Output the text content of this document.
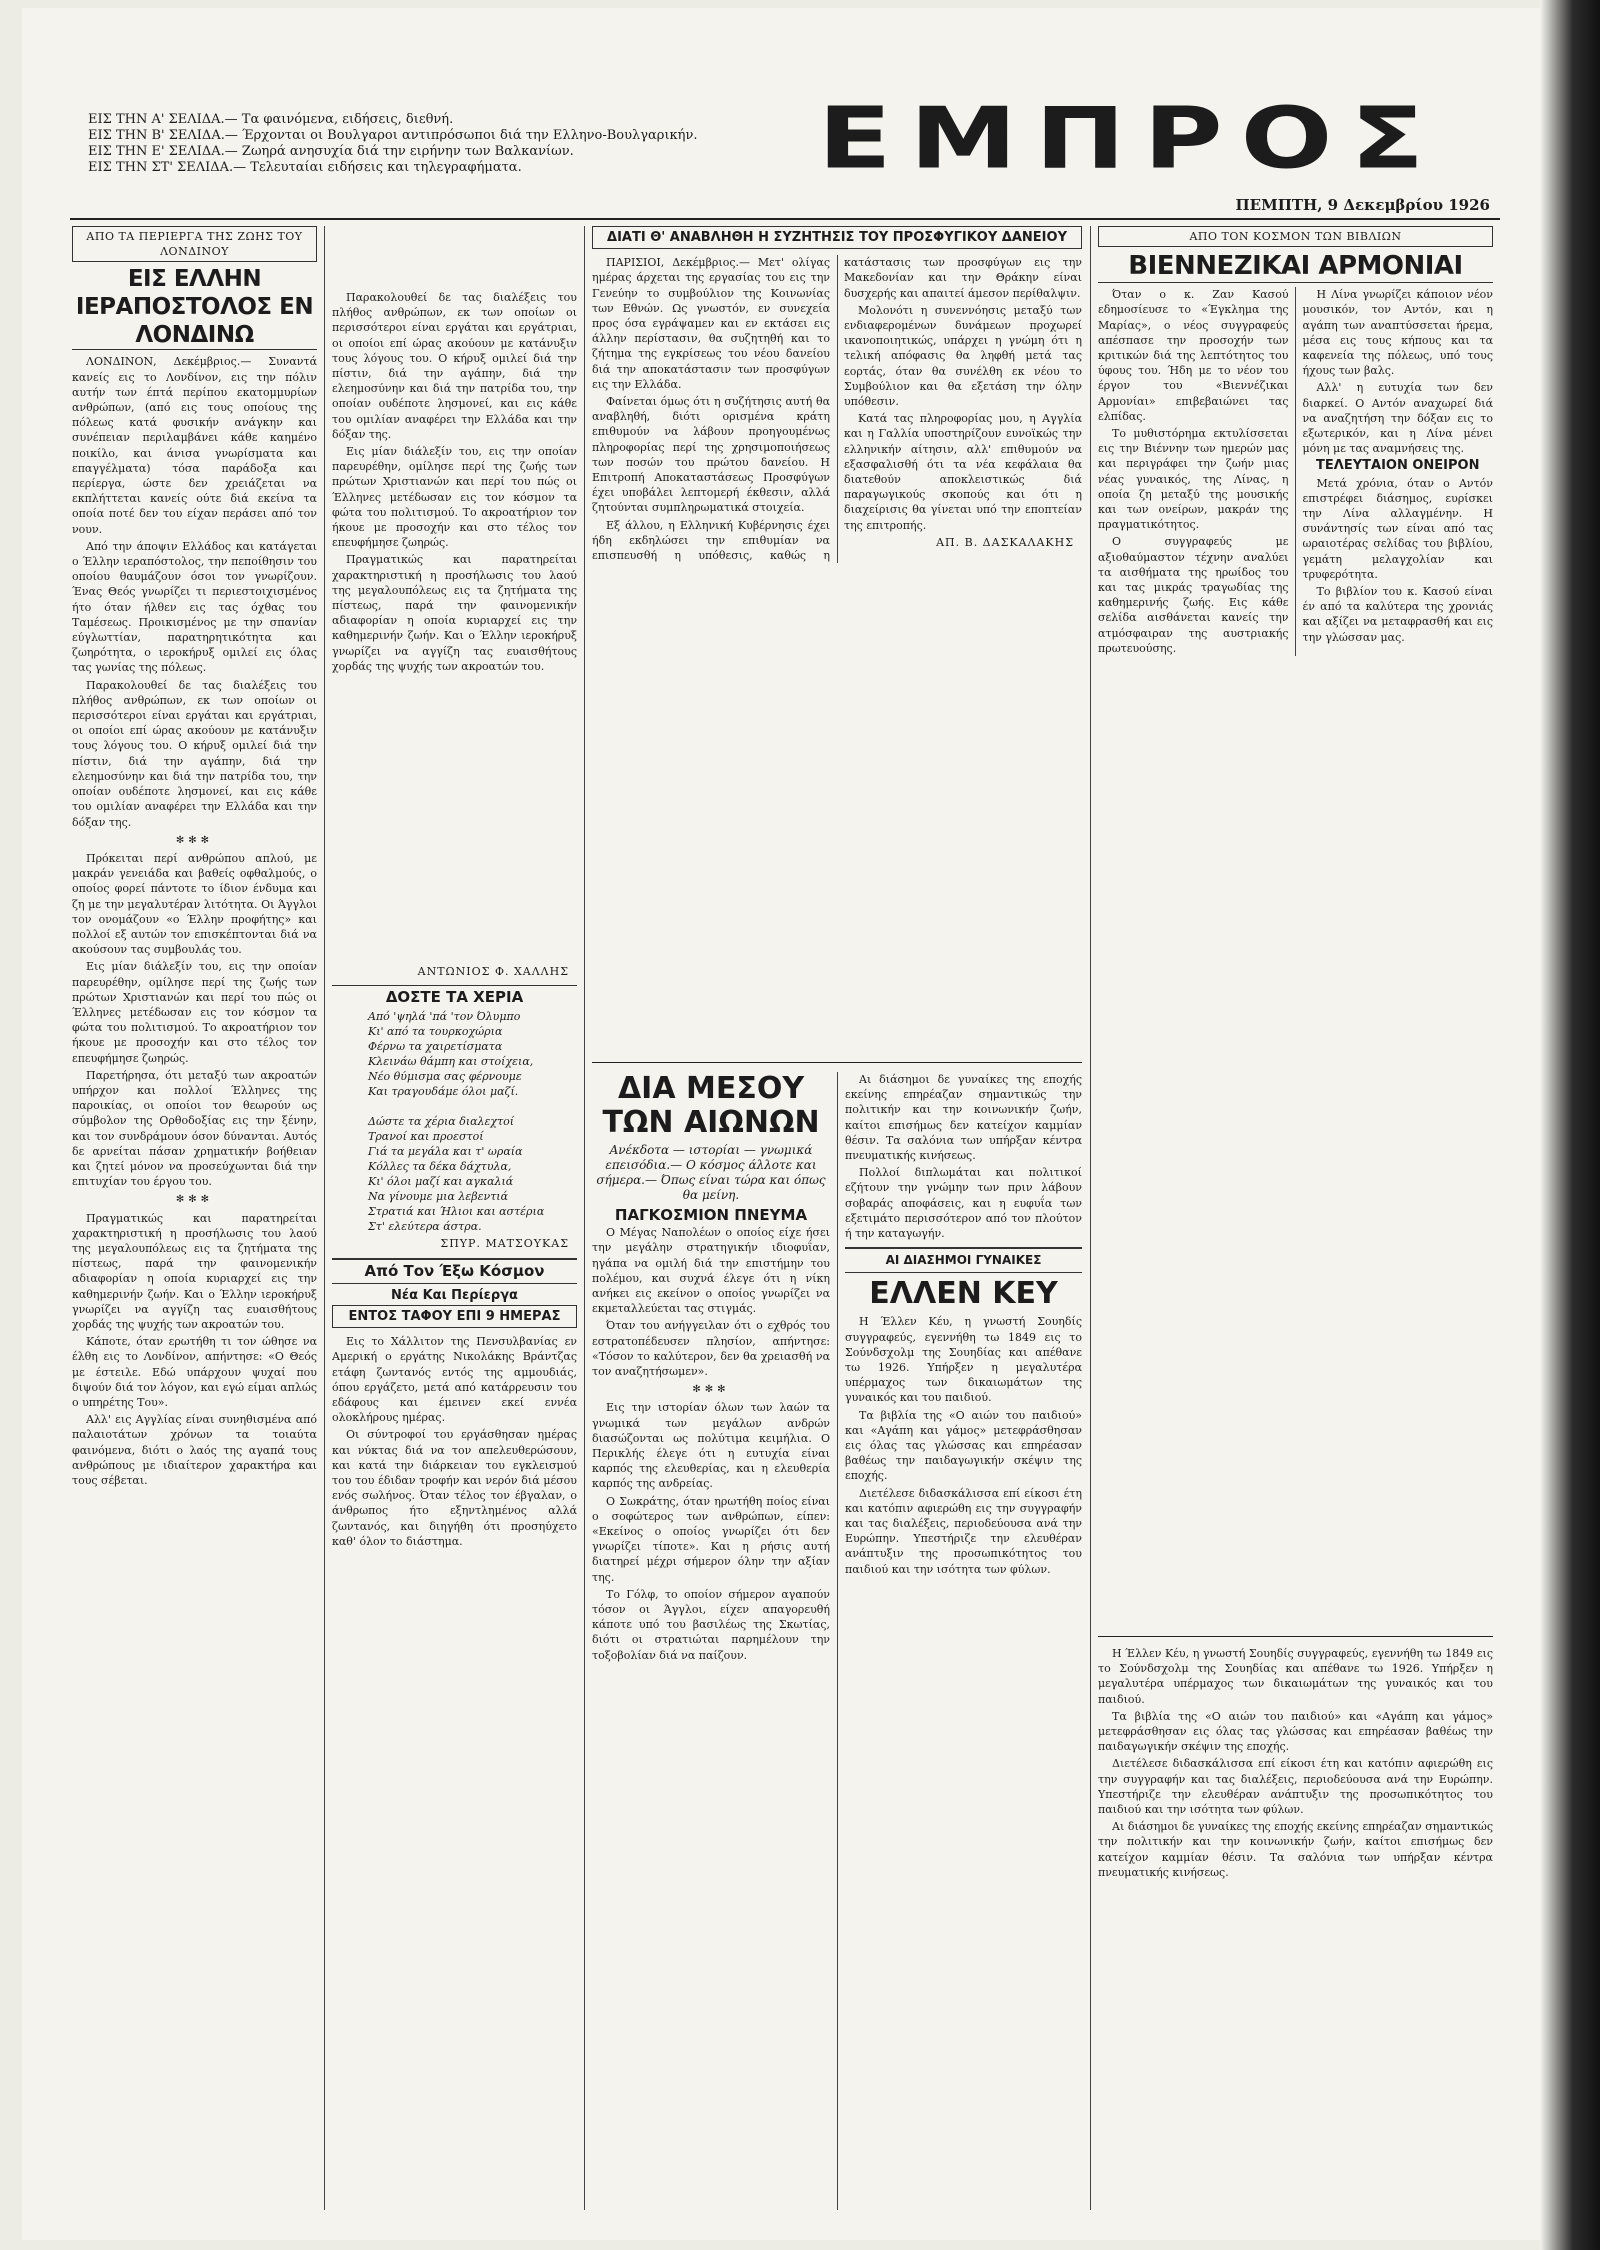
ΕΙΣ ΤΗΝ Α' ΣΕΛΙΔΑ.— Τα φαινόμενα, ειδήσεις, διεθνή.
ΕΙΣ ΤΗΝ Β' ΣΕΛΙΔΑ.— Έρχονται οι Βουλγαροι αντιπρόσωποι διά την Ελληνο-Βουλγαρικήν.
ΕΙΣ ΤΗΝ Ε' ΣΕΛΙΔΑ.— Ζωηρά ανησυχία διά την ειρήνην των Βαλκανίων.
ΕΙΣ ΤΗΝ ΣΤ' ΣΕΛΙΔΑ.— Τελευταίαι ειδήσεις και τηλεγραφήματα.	ΕΜΠΡΟΣ
ΠΕΜΠΤΗ, 9 Δεκεμβρίου 1926
ΑΠΟ ΤΑ ΠΕΡΙΕΡΓΑ ΤΗΣ ΖΩΗΣ ΤΟΥ ΛΟΝΔΙΝΟΥ
ΕΙΣ ΕΛΛΗΝ ΙΕΡΑΠΟΣΤΟΛΟΣ ΕΝ ΛΟΝΔΙΝΩ

ΛΟΝΔΙΝΟΝ, Δεκέμβριος.— Συναντά κανείς εις το Λονδίνον, εις την πόλιν αυτήν των έπτά περίπου εκατομμυρίων ανθρώπων, (από εις τους οποίους της πόλεως κατά φυσικήν ανάγκην και συνέπειαν περιλαμβάνει κάθε καημένο ποικίλο, και άνισα γνωρίσματα και επαγγέλματα) τόσα παράδοξα και περίεργα, ώστε δεν χρειάζεται να εκπλήττεται κανείς ούτε διά εκείνα τα οποία ποτέ δεν του είχαν περάσει από τον νουν.

Από την άποψιν Ελλάδος και κατάγεται ο Έλλην ιεραπόστολος, την πεποίθησιν του οποίου θαυμάζουν όσοι τον γνωρίζουν. Ένας Θεός γνωρίζει τι περιεστοιχισμένος ήτο όταν ήλθεν εις τας όχθας του Ταμέσεως. Προικισμένος με την σπανίαν εύγλωττίαν, παρατηρητικότητα και ζωηρότητα, ο ιεροκήρυξ ομιλεί εις όλας τας γωνίας της πόλεως.

Παρακολουθεί δε τας διαλέξεις του πλήθος ανθρώπων, εκ των οποίων οι περισσότεροι είναι εργάται και εργάτριαι, οι οποίοι επί ώρας ακούουν με κατάνυξιν τους λόγους του. Ο κήρυξ ομιλεί διά την πίστιν, διά την αγάπην, διά την ελεημοσύνην και διά την πατρίδα του, την οποίαν ουδέποτε λησμονεί, και εις κάθε του ομιλίαν αναφέρει την Ελλάδα και την δόξαν της.

✻✻✻

Πρόκειται περί ανθρώπου απλού, με μακράν γενειάδα και βαθείς οφθαλμούς, ο οποίος φορεί πάντοτε το ίδιον ένδυμα και ζη με την μεγαλυτέραν λιτότητα. Οι Άγγλοι τον ονομάζουν «ο Έλλην προφήτης» και πολλοί εξ αυτών τον επισκέπτονται διά να ακούσουν τας συμβουλάς του.

Εις μίαν διάλεξίν του, εις την οποίαν παρευρέθην, ομίλησε περί της ζωής των πρώτων Χριστιανών και περί του πώς οι Έλληνες μετέδωσαν εις τον κόσμον τα φώτα του πολιτισμού. Το ακροατήριον τον ήκουε με προσοχήν και στο τέλος τον επευφήμησε ζωηρώς.

Παρετήρησα, ότι μεταξύ των ακροατών υπήρχον και πολλοί Έλληνες της παροικίας, οι οποίοι τον θεωρούν ως σύμβολον της Ορθοδοξίας εις την ξένην, και τον συνδράμουν όσον δύνανται. Αυτός δε αρνείται πάσαν χρηματικήν βοήθειαν και ζητεί μόνον να προσεύχωνται διά την επιτυχίαν του έργου του.

✻✻✻

Πραγματικώς και παρατηρείται χαρακτηριστική η προσήλωσις του λαού της μεγαλουπόλεως εις τα ζητήματα της πίστεως, παρά την φαινομενικήν αδιαφορίαν η οποία κυριαρχεί εις την καθημερινήν ζωήν. Και ο Έλλην ιεροκήρυξ γνωρίζει να αγγίζη τας ευαισθήτους χορδάς της ψυχής των ακροατών του.

Κάποτε, όταν ερωτήθη τι τον ώθησε να έλθη εις το Λονδίνον, απήντησε: «Ο Θεός με έστειλε. Εδώ υπάρχουν ψυχαί που διψούν διά τον λόγον, και εγώ είμαι απλώς ο υπηρέτης Του».

Αλλ' εις Αγγλίας είναι συνηθισμένα από παλαιοτάτων χρόνων τα τοιαύτα φαινόμενα, διότι ο λαός της αγαπά τους ανθρώπους με ιδιαίτερον χαρακτήρα και τους σέβεται.

ΑΝΤΩΝΙΟΣ Φ. ΧΑΛΛΗΣ
ΔΟΣΤΕ ΤΑ ΧΕΡΙΑ
Από 'ψηλά 'πά 'τον Όλυμπο
Κι' από τα τουρκοχώρια
Φέρνω τα χαιρετίσματα
Κλεινάω θάμπη και στοίχεια,
Νέο θύμισμα σας φέρνουμε
Και τραγουδάμε όλοι μαζί.

Δώστε τα χέρια διαλεχτοί
Τρανοί και προεστοί
Γιά τα μεγάλα και τ' ωραία
Κόλλες τα δέκα δάχτυλα,
Κι' όλοι μαζί και αγκαλιά
Να γίνουμε μια λεβεντιά
Στρατιά και Ήλιοι και αστέρια
Στ' ελεύτερα άστρα.
ΣΠΥΡ. ΜΑΤΣΟΥΚΑΣ
Από Τον Έξω Κόσμον
Νέα Και Περίεργα
ΕΝΤΟΣ ΤΑΦΟΥ ΕΠΙ 9 ΗΜΕΡΑΣ

Εις το Χάλλιτον της Πενσυλβανίας εν Αμερική ο εργάτης Νικολάκης Βράντζας ετάφη ζωντανός εντός της αμμουδιάς, όπου εργάζετο, μετά από κατάρρευσιν του εδάφους και έμεινεν εκεί εννέα ολοκλήρους ημέρας.

Οι σύντροφοί του εργάσθησαν ημέρας και νύκτας διά να τον απελευθερώσουν, και κατά την διάρκειαν του εγκλεισμού του του έδιδαν τροφήν και νερόν διά μέσου ενός σωλήνος. Όταν τέλος τον έβγαλαν, ο άνθρωπος ήτο εξηντλημένος αλλά ζωντανός, και διηγήθη ότι προσηύχετο καθ' όλον το διάστημα.

Παρακολουθεί δε τας διαλέξεις του πλήθος ανθρώπων, εκ των οποίων οι περισσότεροι είναι εργάται και εργάτριαι, οι οποίοι επί ώρας ακούουν με κατάνυξιν τους λόγους του. Ο κήρυξ ομιλεί διά την πίστιν, διά την αγάπην, διά την ελεημοσύνην και διά την πατρίδα του, την οποίαν ουδέποτε λησμονεί, και εις κάθε του ομιλίαν αναφέρει την Ελλάδα και την δόξαν της.

Εις μίαν διάλεξίν του, εις την οποίαν παρευρέθην, ομίλησε περί της ζωής των πρώτων Χριστιανών και περί του πώς οι Έλληνες μετέδωσαν εις τον κόσμον τα φώτα του πολιτισμού. Το ακροατήριον τον ήκουε με προσοχήν και στο τέλος τον επευφήμησε ζωηρώς.

Πραγματικώς και παρατηρείται χαρακτηριστική η προσήλωσις του λαού της μεγαλουπόλεως εις τα ζητήματα της πίστεως, παρά την φαινομενικήν αδιαφορίαν η οποία κυριαρχεί εις την καθημερινήν ζωήν. Και ο Έλλην ιεροκήρυξ γνωρίζει να αγγίζη τας ευαισθήτους χορδάς της ψυχής των ακροατών του.

ΔΙΑΤΙ Θ' ΑΝΑΒΛΗΘΗ Η ΣΥΖΗΤΗΣΙΣ ΤΟΥ ΠΡΟΣΦΥΓΙΚΟΥ ΔΑΝΕΙΟΥ

ΠΑΡΙΣΙΟΙ, Δεκέμβριος.— Μετ' ολίγας ημέρας άρχεται της εργασίας του εις την Γενεύην το συμβούλιον της Κοινωνίας των Εθνών. Ως γνωστόν, εν συνεχεία προς όσα εγράψαμεν και εν εκτάσει εις άλλην περίστασιν, θα συζητηθή και το ζήτημα της εγκρίσεως του νέου δανείου διά την αποκατάστασιν των προσφύγων εις την Ελλάδα.

Φαίνεται όμως ότι η συζήτησις αυτή θα αναβληθή, διότι ορισμένα κράτη επιθυμούν να λάβουν προηγουμένως πληροφορίας περί της χρησιμοποιήσεως των ποσών του πρώτου δανείου. Η Επιτροπή Αποκαταστάσεως Προσφύγων έχει υποβάλει λεπτομερή έκθεσιν, αλλά ζητούνται συμπληρωματικά στοιχεία.

Εξ άλλου, η Ελληνική Κυβέρνησις έχει ήδη εκδηλώσει την επιθυμίαν να επισπευσθή η υπόθεσις, καθώς η κατάστασις των προσφύγων εις την Μακεδονίαν και την Θράκην είναι δυσχερής και απαιτεί άμεσον περίθαλψιν.

Μολονότι η συνεννόησις μεταξύ των ενδιαφερομένων δυνάμεων προχωρεί ικανοποιητικώς, υπάρχει η γνώμη ότι η τελική απόφασις θα ληφθή μετά τας εορτάς, όταν θα συνέλθη εκ νέου το Συμβούλιον και θα εξετάση την όλην υπόθεσιν.

Κατά τας πληροφορίας μου, η Αγγλία και η Γαλλία υποστηρίζουν ευνοϊκώς την ελληνικήν αίτησιν, αλλ' επιθυμούν να εξασφαλισθή ότι τα νέα κεφάλαια θα διατεθούν αποκλειστικώς διά παραγωγικούς σκοπούς και ότι η διαχείρισις θα γίνεται υπό την εποπτείαν της επιτροπής.

ΑΠ. Β. ΔΑΣΚΑΛΑΚΗΣ
ΔΙΑ ΜΕΣΟΥ ΤΩΝ ΑΙΩΝΩΝ
Ανέκδοτα — ιστορίαι — γνωμικά επεισόδια.— Ο κόσμος άλλοτε και σήμερα.— Όπως είναι τώρα και όπως θα μείνη.
ΠΑΓΚΟΣΜΙΟΝ ΠΝΕΥΜΑ

Ο Μέγας Ναπολέων ο οποίος είχε ήσει την μεγάλην στρατηγικήν ιδιοφυΐαν, ηγάπα να ομιλή διά την επιστήμην του πολέμου, και συχνά έλεγε ότι η νίκη ανήκει εις εκείνον ο οποίος γνωρίζει να εκμεταλλεύεται τας στιγμάς.

Όταν του ανήγγειλαν ότι ο εχθρός του εστρατοπέδευσεν πλησίον, απήντησε: «Τόσον το καλύτερον, δεν θα χρειασθή να τον αναζητήσωμεν».

✻✻✻

Εις την ιστορίαν όλων των λαών τα γνωμικά των μεγάλων ανδρών διασώζονται ως πολύτιμα κειμήλια. Ο Περικλής έλεγε ότι η ευτυχία είναι καρπός της ελευθερίας, και η ελευθερία καρπός της ανδρείας.

Ο Σωκράτης, όταν ηρωτήθη ποίος είναι ο σοφώτερος των ανθρώπων, είπεν: «Εκείνος ο οποίος γνωρίζει ότι δεν γνωρίζει τίποτε». Και η ρήσις αυτή διατηρεί μέχρι σήμερον όλην την αξίαν της.

Το Γόλφ, το οποίον σήμερον αγαπούν τόσον οι Άγγλοι, είχεν απαγορευθή κάποτε υπό του βασιλέως της Σκωτίας, διότι οι στρατιώται παρημέλουν την τοξοβολίαν διά να παίζουν.

Αι διάσημοι δε γυναίκες της εποχής εκείνης επηρέαζαν σημαντικώς την πολιτικήν και την κοινωνικήν ζωήν, καίτοι επισήμως δεν κατείχον καμμίαν θέσιν. Τα σαλόνια των υπήρξαν κέντρα πνευματικής κινήσεως.

Πολλοί διπλωμάται και πολιτικοί εζήτουν την γνώμην των πριν λάβουν σοβαράς αποφάσεις, και η ευφυΐα των εξετιμάτο περισσότερον από τον πλούτον ή την καταγωγήν.

ΑΙ ΔΙΑΣΗΜΟΙ ΓΥΝΑΙΚΕΣ
ΕΛΛΕΝ ΚΕΥ

Η Έλλεν Κέυ, η γνωστή Σουηδίς συγγραφεύς, εγεννήθη τω 1849 εις το Σούνδσχολμ της Σουηδίας και απέθανε τω 1926. Υπήρξεν η μεγαλυτέρα υπέρμαχος των δικαιωμάτων της γυναικός και του παιδιού.

Τα βιβλία της «Ο αιών του παιδιού» και «Αγάπη και γάμος» μετεφράσθησαν εις όλας τας γλώσσας και επηρέασαν βαθέως την παιδαγωγικήν σκέψιν της εποχής.

Διετέλεσε διδασκάλισσα επί είκοσι έτη και κατόπιν αφιερώθη εις την συγγραφήν και τας διαλέξεις, περιοδεύουσα ανά την Ευρώπην. Υπεστήριζε την ελευθέραν ανάπτυξιν της προσωπικότητος του παιδιού και την ισότητα των φύλων.

ΑΠΟ ΤΟΝ ΚΟΣΜΟΝ ΤΩΝ ΒΙΒΛΙΩΝ
ΒΙΕΝΝΕΖΙΚΑΙ ΑΡΜΟΝΙΑΙ

Όταν ο κ. Ζαν Κασού εδημοσίευσε το «Έγκλημα της Μαρίας», ο νέος συγγραφεύς απέσπασε την προσοχήν των κριτικών διά της λεπτότητος του ύφους του. Ήδη με το νέον του έργον του «Βιεννέζικαι Αρμονίαι» επιβεβαιώνει τας ελπίδας.

Το μυθιστόρημα εκτυλίσσεται εις την Βιέννην των ημερών μας και περιγράφει την ζωήν μιας νέας γυναικός, της Λίνας, η οποία ζη μεταξύ της μουσικής και των ονείρων, μακράν της πραγματικότητος.

Ο συγγραφεύς με αξιοθαύμαστον τέχνην αναλύει τα αισθήματα της ηρωίδος του και τας μικράς τραγωδίας της καθημερινής ζωής. Εις κάθε σελίδα αισθάνεται κανείς την ατμόσφαιραν της αυστριακής πρωτευούσης.

Η Λίνα γνωρίζει κάποιον νέον μουσικόν, τον Αντόν, και η αγάπη των αναπτύσσεται ήρεμα, μέσα εις τους κήπους και τα καφενεία της πόλεως, υπό τους ήχους των βαλς.

Αλλ' η ευτυχία των δεν διαρκεί. Ο Αντόν αναχωρεί διά να αναζητήση την δόξαν εις το εξωτερικόν, και η Λίνα μένει μόνη με τας αναμνήσεις της.

ΤΕΛΕΥΤΑΙΟΝ ΟΝΕΙΡΟΝ

Μετά χρόνια, όταν ο Αντόν επιστρέφει διάσημος, ευρίσκει την Λίνα αλλαγμένην. Η συνάντησίς των είναι από τας ωραιοτέρας σελίδας του βιβλίου, γεμάτη μελαγχολίαν και τρυφερότητα.

Το βιβλίον του κ. Κασού είναι έν από τα καλύτερα της χρονιάς και αξίζει να μεταφρασθή και εις την γλώσσαν μας.

Η Έλλεν Κέυ, η γνωστή Σουηδίς συγγραφεύς, εγεννήθη τω 1849 εις το Σούνδσχολμ της Σουηδίας και απέθανε τω 1926. Υπήρξεν η μεγαλυτέρα υπέρμαχος των δικαιωμάτων της γυναικός και του παιδιού.

Τα βιβλία της «Ο αιών του παιδιού» και «Αγάπη και γάμος» μετεφράσθησαν εις όλας τας γλώσσας και επηρέασαν βαθέως την παιδαγωγικήν σκέψιν της εποχής.

Διετέλεσε διδασκάλισσα επί είκοσι έτη και κατόπιν αφιερώθη εις την συγγραφήν και τας διαλέξεις, περιοδεύουσα ανά την Ευρώπην. Υπεστήριζε την ελευθέραν ανάπτυξιν της προσωπικότητος του παιδιού και την ισότητα των φύλων.

Αι διάσημοι δε γυναίκες της εποχής εκείνης επηρέαζαν σημαντικώς την πολιτικήν και την κοινωνικήν ζωήν, καίτοι επισήμως δεν κατείχον καμμίαν θέσιν. Τα σαλόνια των υπήρξαν κέντρα πνευματικής κινήσεως.
